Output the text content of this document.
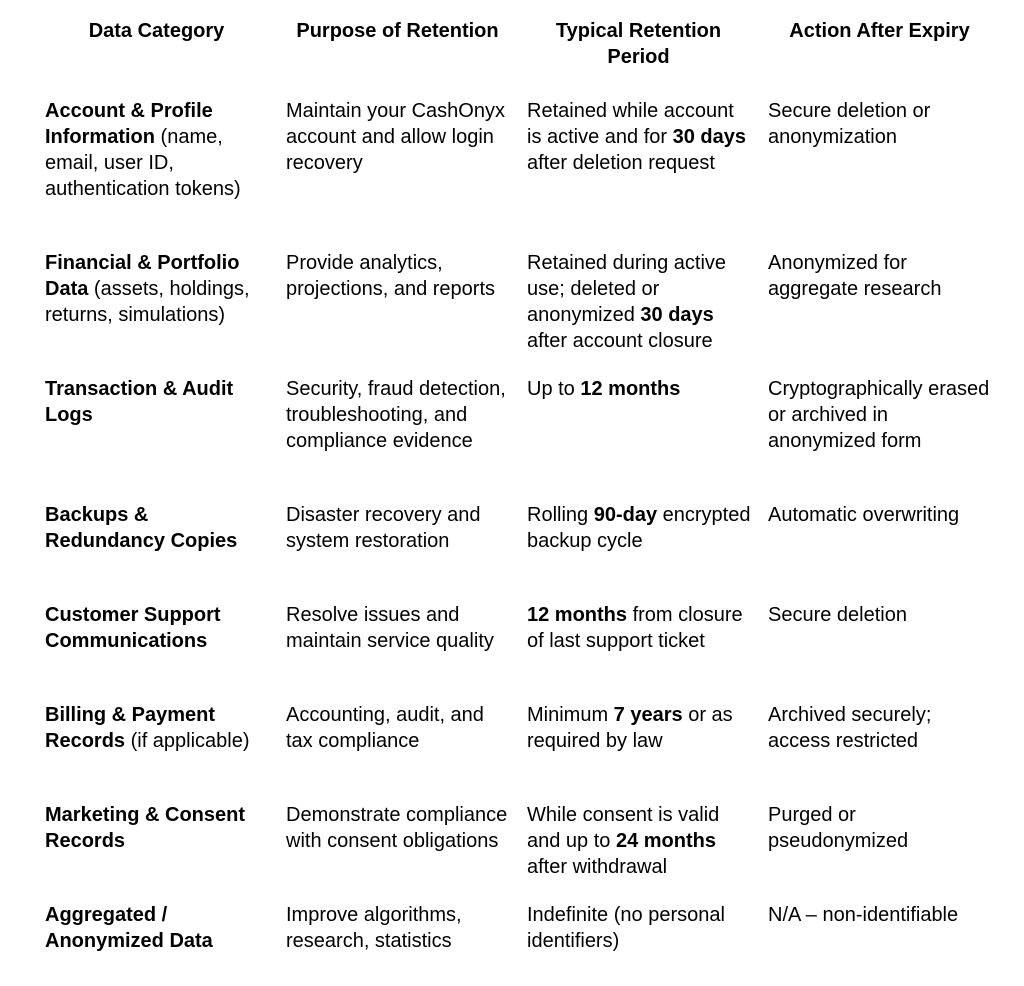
Data Category	Purpose of Retention	Typical Retention Period	Action After Expiry
Account & Profile Information (name, email, user ID, authentication tokens)	Maintain your CashOnyx account and allow login recovery	Retained while account is active and for 30 days after deletion request	Secure deletion or anonymization
Financial & Portfolio Data (assets, holdings, returns, simulations)	Provide analytics, projections, and reports	Retained during active use; deleted or anonymized 30 days after account closure	Anonymized for aggregate research
Transaction & Audit Logs	Security, fraud detection, troubleshooting, and compliance evidence	Up to 12 months	Cryptographically erased or archived in anonymized form
Backups & Redundancy Copies	Disaster recovery and system restoration	Rolling 90-day encrypted backup cycle	Automatic overwriting
Customer Support Communications	Resolve issues and maintain service quality	12 months from closure of last support ticket	Secure deletion
Billing & Payment Records (if applicable)	Accounting, audit, and tax compliance	Minimum 7 years or as required by law	Archived securely; access restricted
Marketing & Consent Records	Demonstrate compliance with consent obligations	While consent is valid and up to 24 months after withdrawal	Purged or pseudonymized
Aggregated / Anonymized Data	Improve algorithms, research, statistics	Indefinite (no personal identifiers)	N/A – non-identifiable
